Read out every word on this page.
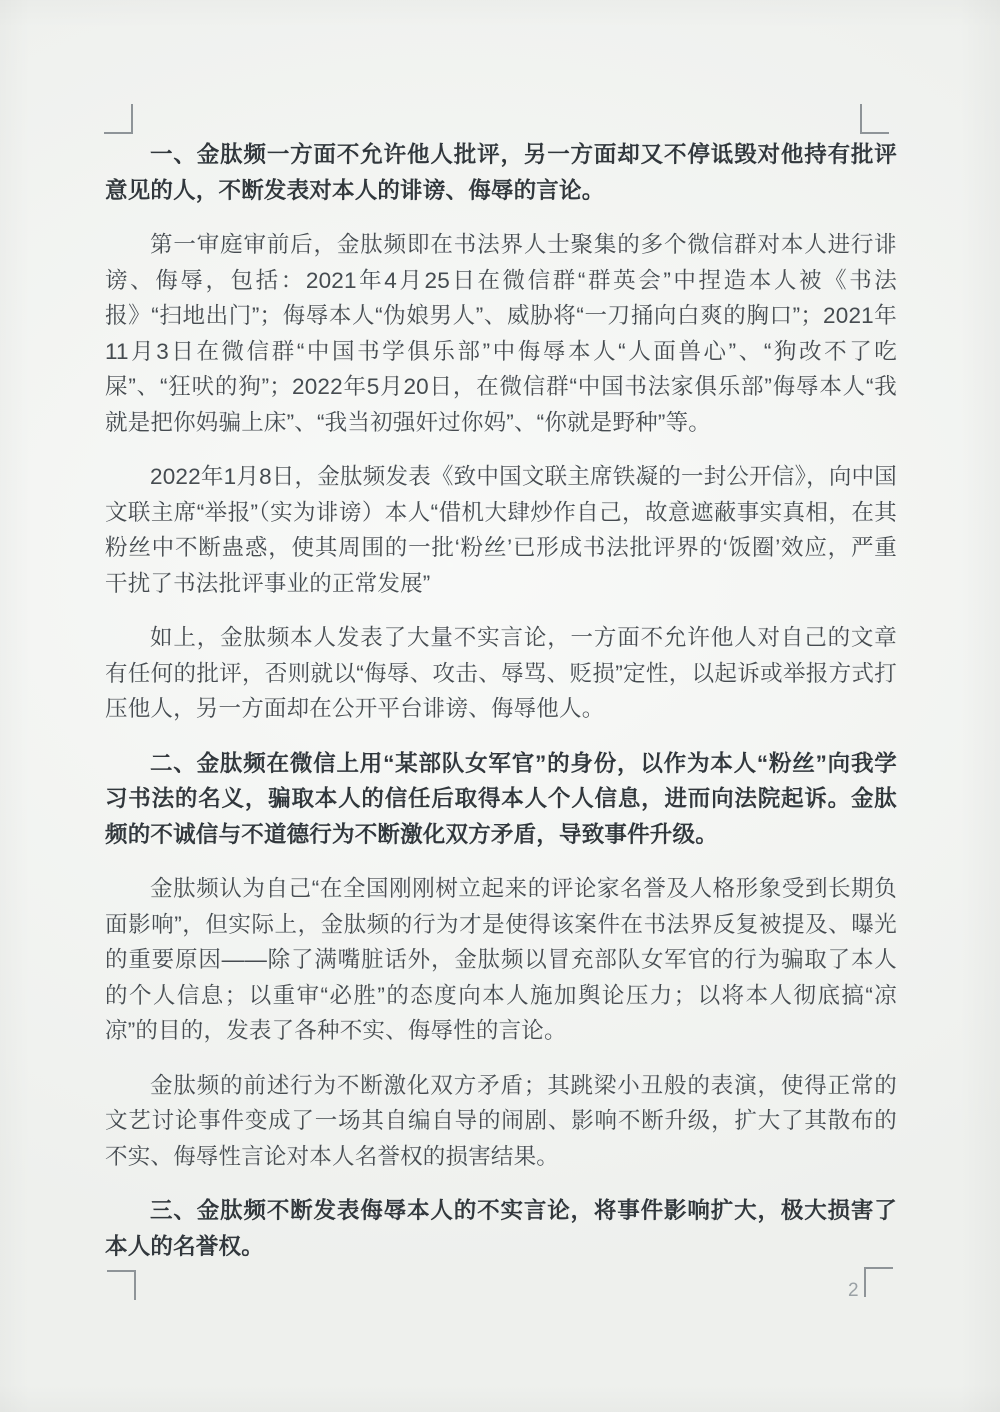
一、金肽频一方面不允许他人批评，另一方面却又不停诋毁对他持有批评意见的人，不断发表对本人的诽谤、侮辱的言论。

第一审庭审前后，金肽频即在书法界人士聚集的多个微信群对本人进行诽谤、侮辱，包括：2021年4月25日在微信群“群英会”中捏造本人被《书法报》“扫地出门”；侮辱本人“伪娘男人”、威胁将“一刀捅向白爽的胸口”；2021年11月3日在微信群“中国书学俱乐部”中侮辱本人“人面兽心”、“狗改不了吃屎”、“狂吠的狗”；2022年5月20日，在微信群“中国书法家俱乐部”侮辱本人“我就是把你妈骗上床”、“我当初强奸过你妈”、“你就是野种”等。

2022年1月8日，金肽频发表《致中国文联主席铁凝的一封公开信》，向中国文联主席“举报”（实为诽谤）本人“借机大肆炒作自己，故意遮蔽事实真相，在其粉丝中不断蛊惑，使其周围的一批‘粉丝’已形成书法批评界的‘饭圈’效应，严重干扰了书法批评事业的正常发展”

如上，金肽频本人发表了大量不实言论，一方面不允许他人对自己的文章有任何的批评，否则就以“侮辱、攻击、辱骂、贬损”定性，以起诉或举报方式打压他人，另一方面却在公开平台诽谤、侮辱他人。

二、金肽频在微信上用“某部队女军官”的身份，以作为本人“粉丝”向我学习书法的名义，骗取本人的信任后取得本人个人信息，进而向法院起诉。金肽频的不诚信与不道德行为不断激化双方矛盾，导致事件升级。

金肽频认为自己“在全国刚刚树立起来的评论家名誉及人格形象受到长期负面影响”，但实际上，金肽频的行为才是使得该案件在书法界反复被提及、曝光的重要原因——除了满嘴脏话外，金肽频以冒充部队女军官的行为骗取了本人的个人信息；以重审“必胜”的态度向本人施加舆论压力；以将本人彻底搞“凉凉”的目的，发表了各种不实、侮辱性的言论。

金肽频的前述行为不断激化双方矛盾；其跳梁小丑般的表演，使得正常的文艺讨论事件变成了一场其自编自导的闹剧、影响不断升级，扩大了其散布的不实、侮辱性言论对本人名誉权的损害结果。

三、金肽频不断发表侮辱本人的不实言论，将事件影响扩大，极大损害了本人的名誉权。

2
